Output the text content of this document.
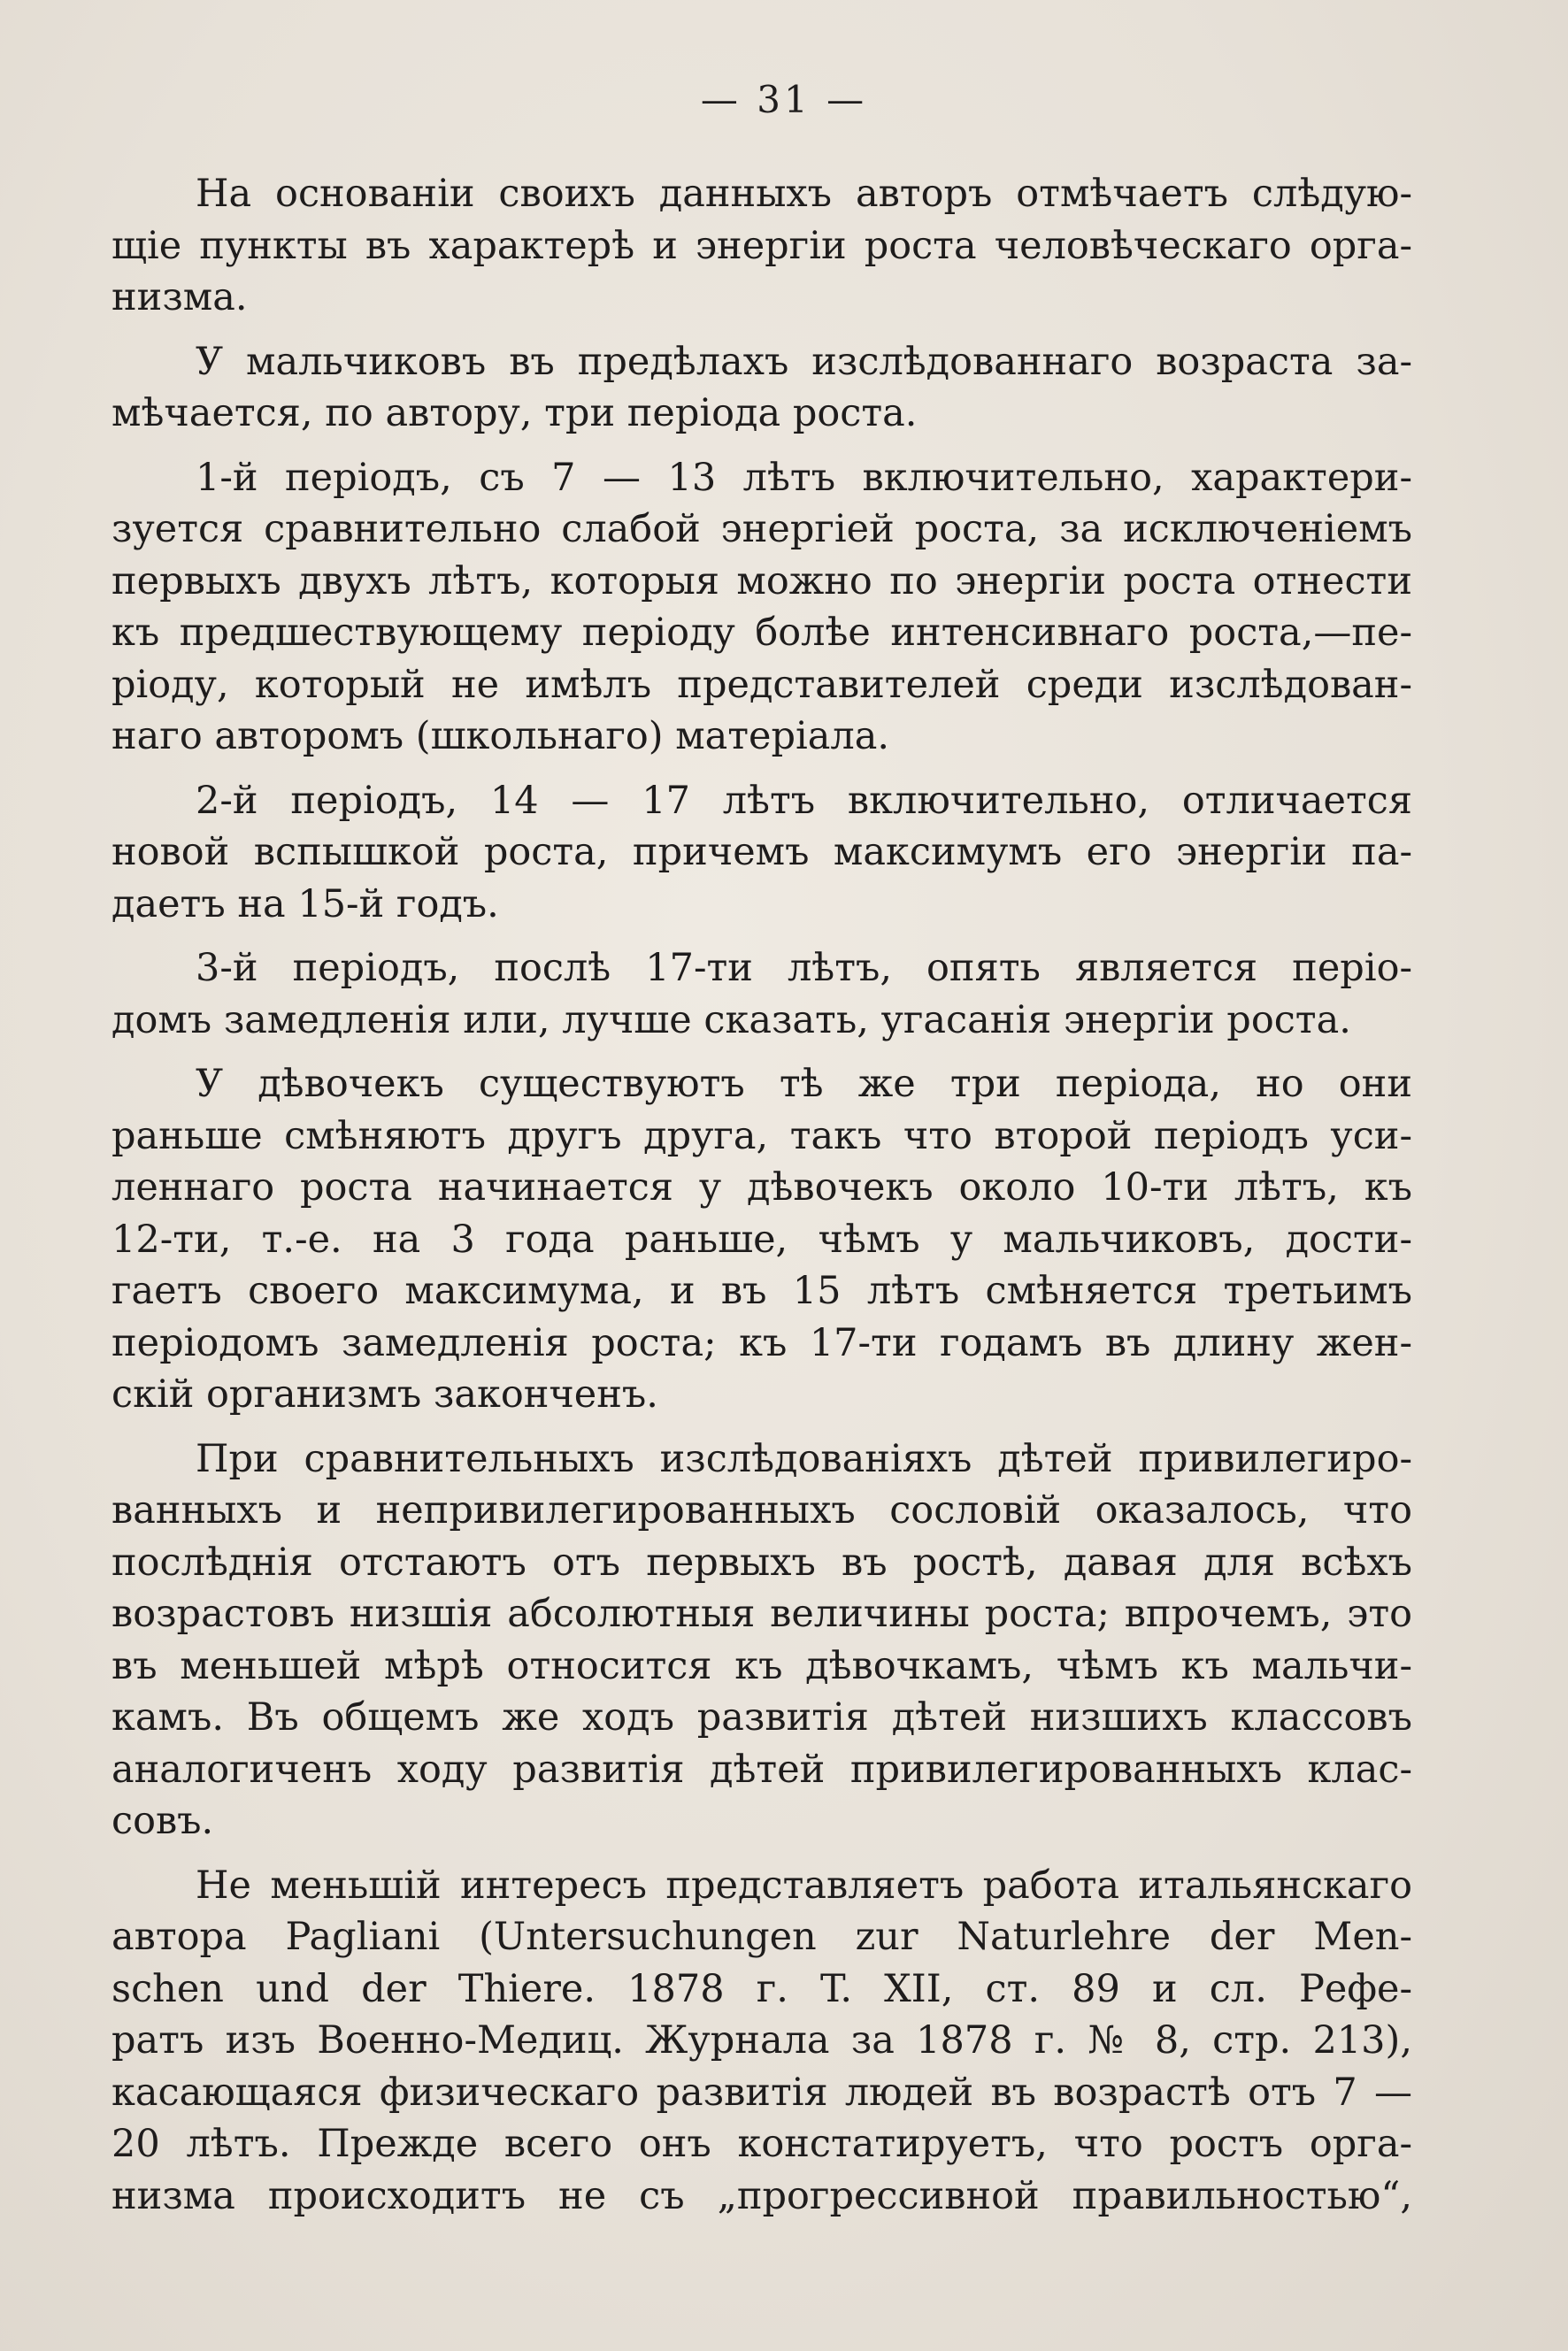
— 31 —
На основаніи своихъ данныхъ авторъ отмѣчаетъ слѣдую-
щіе пункты въ характерѣ и энергіи роста человѣческаго орга-
низма.
У мальчиковъ въ предѣлахъ изслѣдованнаго возраста за-
мѣчается, по автору, три періода роста.
1-й періодъ, съ 7 — 13 лѣтъ включительно, характери-
зуется сравнительно слабой энергіей роста, за исключеніемъ
первыхъ двухъ лѣтъ, которыя можно по энергіи роста отнести
къ предшествующему періоду болѣе интенсивнаго роста,—пе-
ріоду, который не имѣлъ представителей среди изслѣдован-
наго авторомъ (школьнаго) матеріала.
2-й періодъ, 14 — 17 лѣтъ включительно, отличается
новой вспышкой роста, причемъ максимумъ его энергіи па-
даетъ на 15-й годъ.
3-й періодъ, послѣ 17-ти лѣтъ, опять является періо-
домъ замедленія или, лучше сказать, угасанія энергіи роста.
У дѣвочекъ существуютъ тѣ же три періода, но они
раньше смѣняютъ другъ друга, такъ что второй періодъ уси-
леннаго роста начинается у дѣвочекъ около 10-ти лѣтъ, къ
12-ти, т.-е. на 3 года раньше, чѣмъ у мальчиковъ, дости-
гаетъ своего максимума, и въ 15 лѣтъ смѣняется третьимъ
періодомъ замедленія роста; къ 17-ти годамъ въ длину жен-
скій организмъ законченъ.
При сравнительныхъ изслѣдованіяхъ дѣтей привилегиро-
ванныхъ и непривилегированныхъ сословій оказалось, что
послѣднія отстаютъ отъ первыхъ въ ростѣ, давая для всѣхъ
возрастовъ низшія абсолютныя величины роста; впрочемъ, это
въ меньшей мѣрѣ относится къ дѣвочкамъ, чѣмъ къ мальчи-
камъ. Въ общемъ же ходъ развитія дѣтей низшихъ классовъ
аналогиченъ ходу развитія дѣтей привилегированныхъ клас-
совъ.
Не меньшій интересъ представляетъ работа итальянскаго
автора Pagliani (Untersuchungen zur Naturlehre der Men-
schen und der Thiere. 1878 г. T. XII, ст. 89 и сл. Рефе-
ратъ изъ Военно-Медиц. Журнала за 1878 г. № 8, стр. 213),
касающаяся физическаго развитія людей въ возрастѣ отъ 7 —
20 лѣтъ. Прежде всего онъ констатируетъ, что ростъ орга-
низма происходитъ не съ „прогрессивной правильностью“,
